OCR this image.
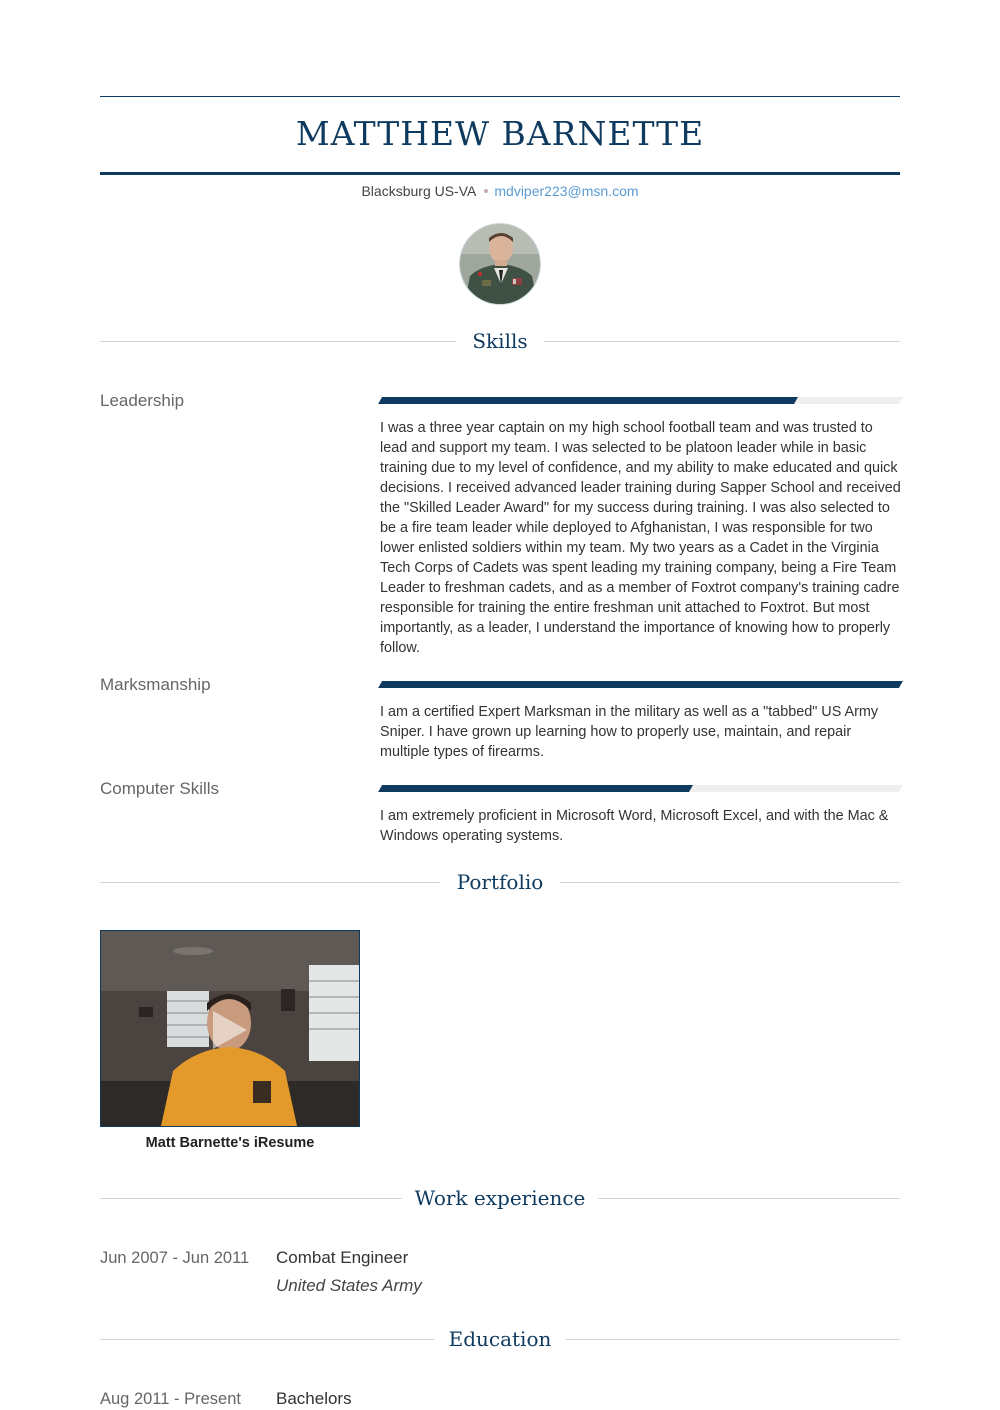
MATTHEW BARNETTE
Blacksburg US-VA mdviper223@msn.com
Skills
Leadership
I was a three year captain on my high school football team and was trusted to lead and support my team. I was selected to be platoon leader while in basic training due to my level of confidence, and my ability to make educated and quick decisions. I received advanced leader training during Sapper School and received the "Skilled Leader Award" for my success during training. I was also selected to be a fire team leader while deployed to Afghanistan, I was responsible for two lower enlisted soldiers within my team. My two years as a Cadet in the Virginia Tech Corps of Cadets was spent leading my training company, being a Fire Team Leader to freshman cadets, and as a member of Foxtrot company's training cadre responsible for training the entire freshman unit attached to Foxtrot. But most importantly, as a leader, I understand the importance of knowing how to properly follow.
Marksmanship
I am a certified Expert Marksman in the military as well as a "tabbed" US Army Sniper. I have grown up learning how to properly use, maintain, and repair multiple types of firearms.
Computer Skills
I am extremely proficient in Microsoft Word, Microsoft Excel, and with the Mac & Windows operating systems.
Portfolio
Matt Barnette's iResume
Work experience
Jun 2007 - Jun 2011	Combat Engineer
United States Army
Education
Aug 2011 - Present	Bachelors
